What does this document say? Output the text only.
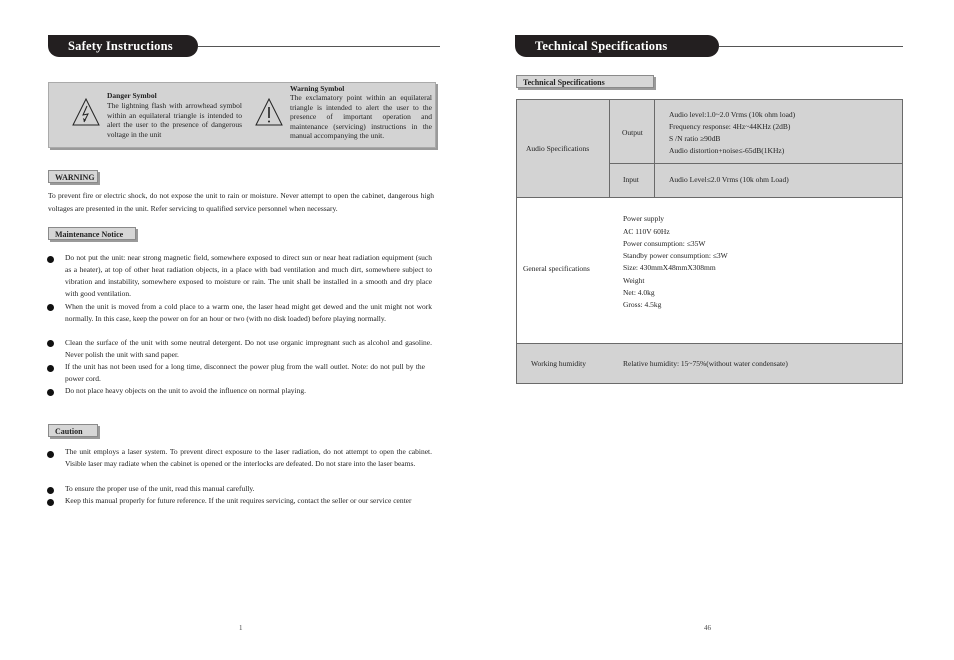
Safety Instructions
Danger Symbol
The lightning flash with arrowhead symbol within an equilateral triangle is intended to alert the user to the presence of dangerous voltage in the unit
Warning Symbol
The exclamatory point within an equilateral triangle is intended to alert the user to the presence of important operation and maintenance (servicing) instructions in the manual accompanying the unit.
WARNING
To prevent fire or electric shock, do not expose the unit to rain or moisture. Never attempt to open the cabinet, dangerous high voltages are presented in the unit. Refer servicing to qualified service personnel when necessary.
Maintenance Notice
Do not put the unit: near strong magnetic field, somewhere exposed to direct sun or near heat radiation equipment (such as a heater), at top of other heat radiation objects, in a place with bad ventilation and much dirt, somewhere subject to vibration and instability, somewhere exposed to moisture or rain. The unit shall be installed in a smooth and dry place with good ventilation.
When the unit is moved from a cold place to a warm one, the laser head might get dewed and the unit might not work normally. In this case, keep the power on for an hour or two (with no disk loaded) before playing normally.
Clean the surface of the unit with some neutral detergent. Do not use organic impregnant such as alcohol and gasoline. Never polish the unit with sand paper.
If the unit has not been used for a long time, disconnect the power plug from the wall outlet. Note: do not pull by the power cord.
Do not place heavy objects on the unit to avoid the influence on normal playing.
Caution
The unit employs a laser system. To prevent direct exposure to the laser radiation, do not attempt to open the cabinet. Visible laser may radiate when the cabinet is opened or the interlocks are defeated. Do not stare into the laser beams.
To ensure the proper use of the unit, read this manual carefully.
Keep this manual properly for future reference. If the unit requires servicing, contact the seller or our service center
1
Technical Specifications
Technical Specifications
Audio Specifications
Output
Audio level:1.0~2.0 Vrms (10k ohm load)
Frequency response: 4Hz~44KHz (2dB)
S /N ratio ≥90dB
Audio distortion+noise≤-65dB(1KHz)
Input	Audio Level≤2.0 Vrms (10k ohm Load)
General specifications
Power supply
AC 110V 60Hz
Power consumption: ≤35W
Standby power consumption: ≤3W
Size: 430mmX48mmX308mm
Weight
Net: 4.0kg
Gross: 4.5kg
Working humidity	Relative humidity: 15~75%(without water condensate)
46
